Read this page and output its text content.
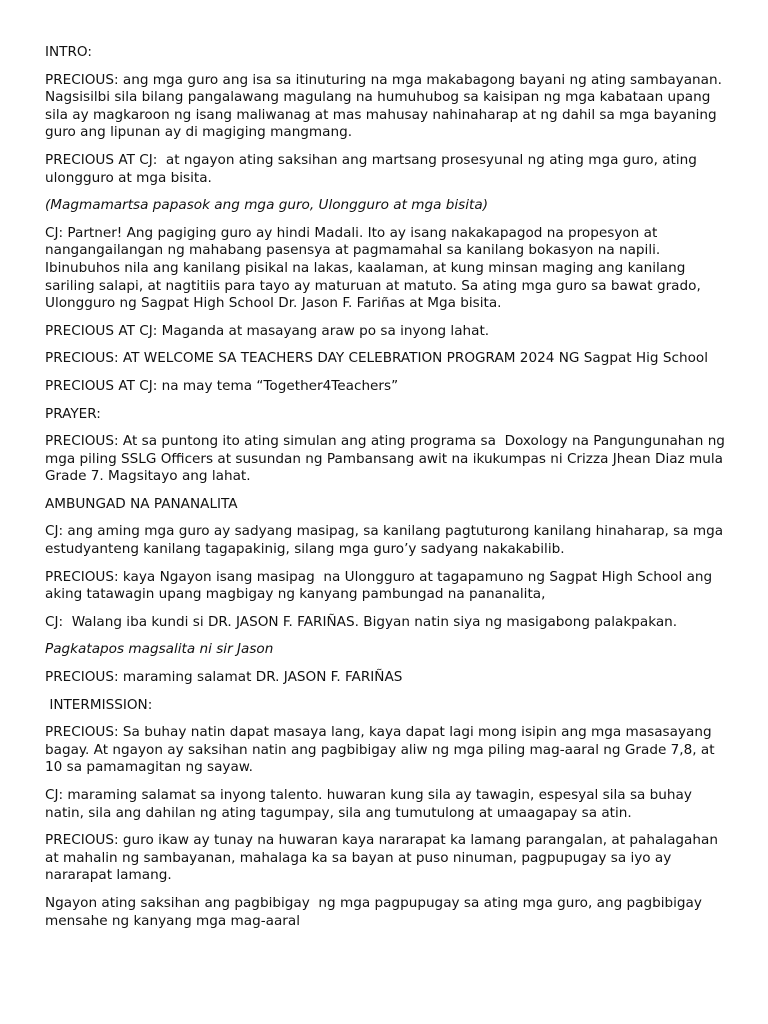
INTRO:

PRECIOUS: ang mga guro ang isa sa itinuturing na mga makabagong bayani ng ating sambayanan. Nagsisilbi sila bilang pangalawang magulang na humuhubog sa kaisipan ng mga kabataan upang sila ay magkaroon ng isang maliwanag at mas mahusay nahinaharap at ng dahil sa mga bayaning guro ang lipunan ay di magiging mangmang.

PRECIOUS AT CJ:  at ngayon ating saksihan ang martsang prosesyunal ng ating mga guro, ating ulongguro at mga bisita.

(Magmamartsa papasok ang mga guro, Ulongguro at mga bisita)

CJ: Partner! Ang pagiging guro ay hindi Madali. Ito ay isang nakakapagod na propesyon at nangangailangan ng mahabang pasensya at pagmamahal sa kanilang bokasyon na napili. Ibinubuhos nila ang kanilang pisikal na lakas, kaalaman, at kung minsan maging ang kanilang sariling salapi, at nagtitiis para tayo ay maturuan at matuto. Sa ating mga guro sa bawat grado, Ulongguro ng Sagpat High School Dr. Jason F. Fariñas at Mga bisita.

PRECIOUS AT CJ: Maganda at masayang araw po sa inyong lahat.

PRECIOUS: AT WELCOME SA TEACHERS DAY CELEBRATION PROGRAM 2024 NG Sagpat Hig School

PRECIOUS AT CJ: na may tema “Together4Teachers”

PRAYER:

PRECIOUS: At sa puntong ito ating simulan ang ating programa sa  Doxology na Pangungunahan ng mga piling SSLG Officers at susundan ng Pambansang awit na ikukumpas ni Crizza Jhean Diaz mula Grade 7. Magsitayo ang lahat.

AMBUNGAD NA PANANALITA

CJ: ang aming mga guro ay sadyang masipag, sa kanilang pagtuturong kanilang hinaharap, sa mga estudyanteng kanilang tagapakinig, silang mga guro’y sadyang nakakabilib.

PRECIOUS: kaya Ngayon isang masipag  na Ulongguro at tagapamuno ng Sagpat High School ang aking tatawagin upang magbigay ng kanyang pambungad na pananalita,

CJ:  Walang iba kundi si DR. JASON F. FARIÑAS. Bigyan natin siya ng masigabong palakpakan.

Pagkatapos magsalita ni sir Jason

PRECIOUS: maraming salamat DR. JASON F. FARIÑAS

INTERMISSION:

PRECIOUS: Sa buhay natin dapat masaya lang, kaya dapat lagi mong isipin ang mga masasayang bagay. At ngayon ay saksihan natin ang pagbibigay aliw ng mga piling mag-aaral ng Grade 7,8, at 10 sa pamamagitan ng sayaw.

CJ: maraming salamat sa inyong talento. huwaran kung sila ay tawagin, espesyal sila sa buhay natin, sila ang dahilan ng ating tagumpay, sila ang tumutulong at umaagapay sa atin.

PRECIOUS: guro ikaw ay tunay na huwaran kaya nararapat ka lamang parangalan, at pahalagahan at mahalin ng sambayanan, mahalaga ka sa bayan at puso ninuman, pagpupugay sa iyo ay nararapat lamang.

Ngayon ating saksihan ang pagbibigay  ng mga pagpupugay sa ating mga guro, ang pagbibigay mensahe ng kanyang mga mag-aaral
